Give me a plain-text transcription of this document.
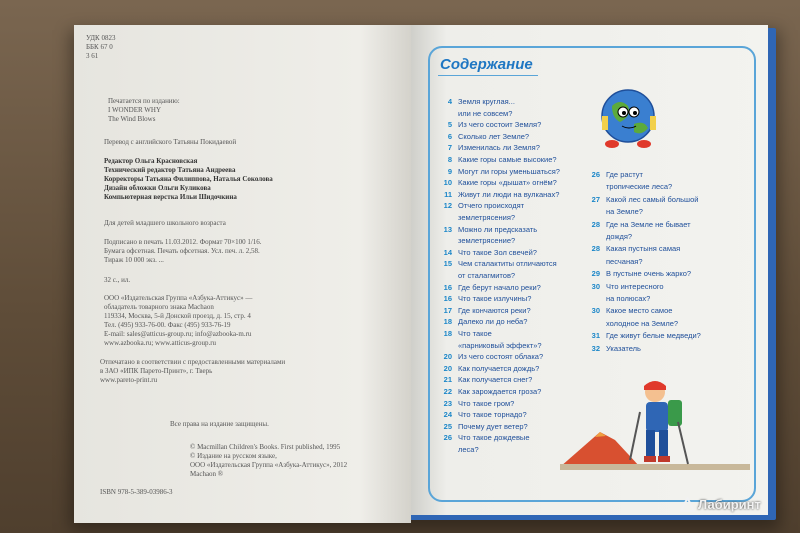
УДК 0823
ББК 67 0
3 61
Печатается по изданию:
I WONDER WHY
The Wind Blows
Перевод с английского Татьяны Покидаевой
Редактор Ольга Красновская
Технический редактор Татьяна Андреева
Корректоры Татьяна Филиппова, Наталья Соколова
Дизайн обложки Ольги Куликова
Компьютерная верстка Ильи Шидочкина
Для детей младшего школьного возраста
Подписано в печать 11.03.2012. Формат 70×100 1/16.
Бумага офсетная. Печать офсетная. Усл. печ. л. 2,58.
Тираж 10 000 экз. ...
32 с., ил.
ООО «Издательская Группа «Азбука-Аттикус» —
обладатель товарного знака Machaon
119334, Москва, 5-й Донской проезд, д. 15, стр. 4
Тел. (495) 933-76-00. Факс (495) 933-76-19
E-mail: sales@atticus-group.ru; info@azbooka-m.ru
www.azbooka.ru; www.atticus-group.ru
Отпечатано в соответствии с предоставленными материалами
в ЗАО «ИПК Парето-Принт», г. Тверь
www.pareto-print.ru
Все права на издание защищены.
© Macmillan Children's Books. First published, 1995
© Издание на русском языке,
ООО «Издательская Группа «Азбука-Аттикус», 2012
Machaon ®
ISBN 978-5-389-03986-3
Содержание
4 Земля круглая...
или не совсем?
5 Из чего состоит Земля?
6 Сколько лет Земле?
7 Изменилась ли Земля?
8 Какие горы самые высокие?
9 Могут ли горы уменьшаться?
10 Какие горы «дышат» огнём?
11 Живут ли люди на вулканах?
12 Отчего происходят
землетрясения?
13 Можно ли предсказать
землетрясение?
14 Что такое Зол свечей?
15 Чем сталактиты отличаются
от сталагмитов?
16 Где берут начало реки?
16 Что такое излучины?
17 Где кончаются реки?
18 Далеко ли до неба?
18 Что такое
«парниковый эффект»?
20 Из чего состоят облака?
20 Как получается дождь?
21 Как получается снег?
22 Как зарождается гроза?
23 Что такое гром?
24 Что такое торнадо?
25 Почему дует ветер?
26 Что такое дождевые
леса?
26 Где растут
тропические леса?
27 Какой лес самый большой
на Земле?
28 Где на Земле не бывает
дождя?
28 Какая пустыня самая
песчаная?
29 В пустыне очень жарко?
30 Что интересного
на полюсах?
30 Какое место самое
холодное на Земле?
31 Где живут белые медведи?
32 Указатель
Лабиринт
